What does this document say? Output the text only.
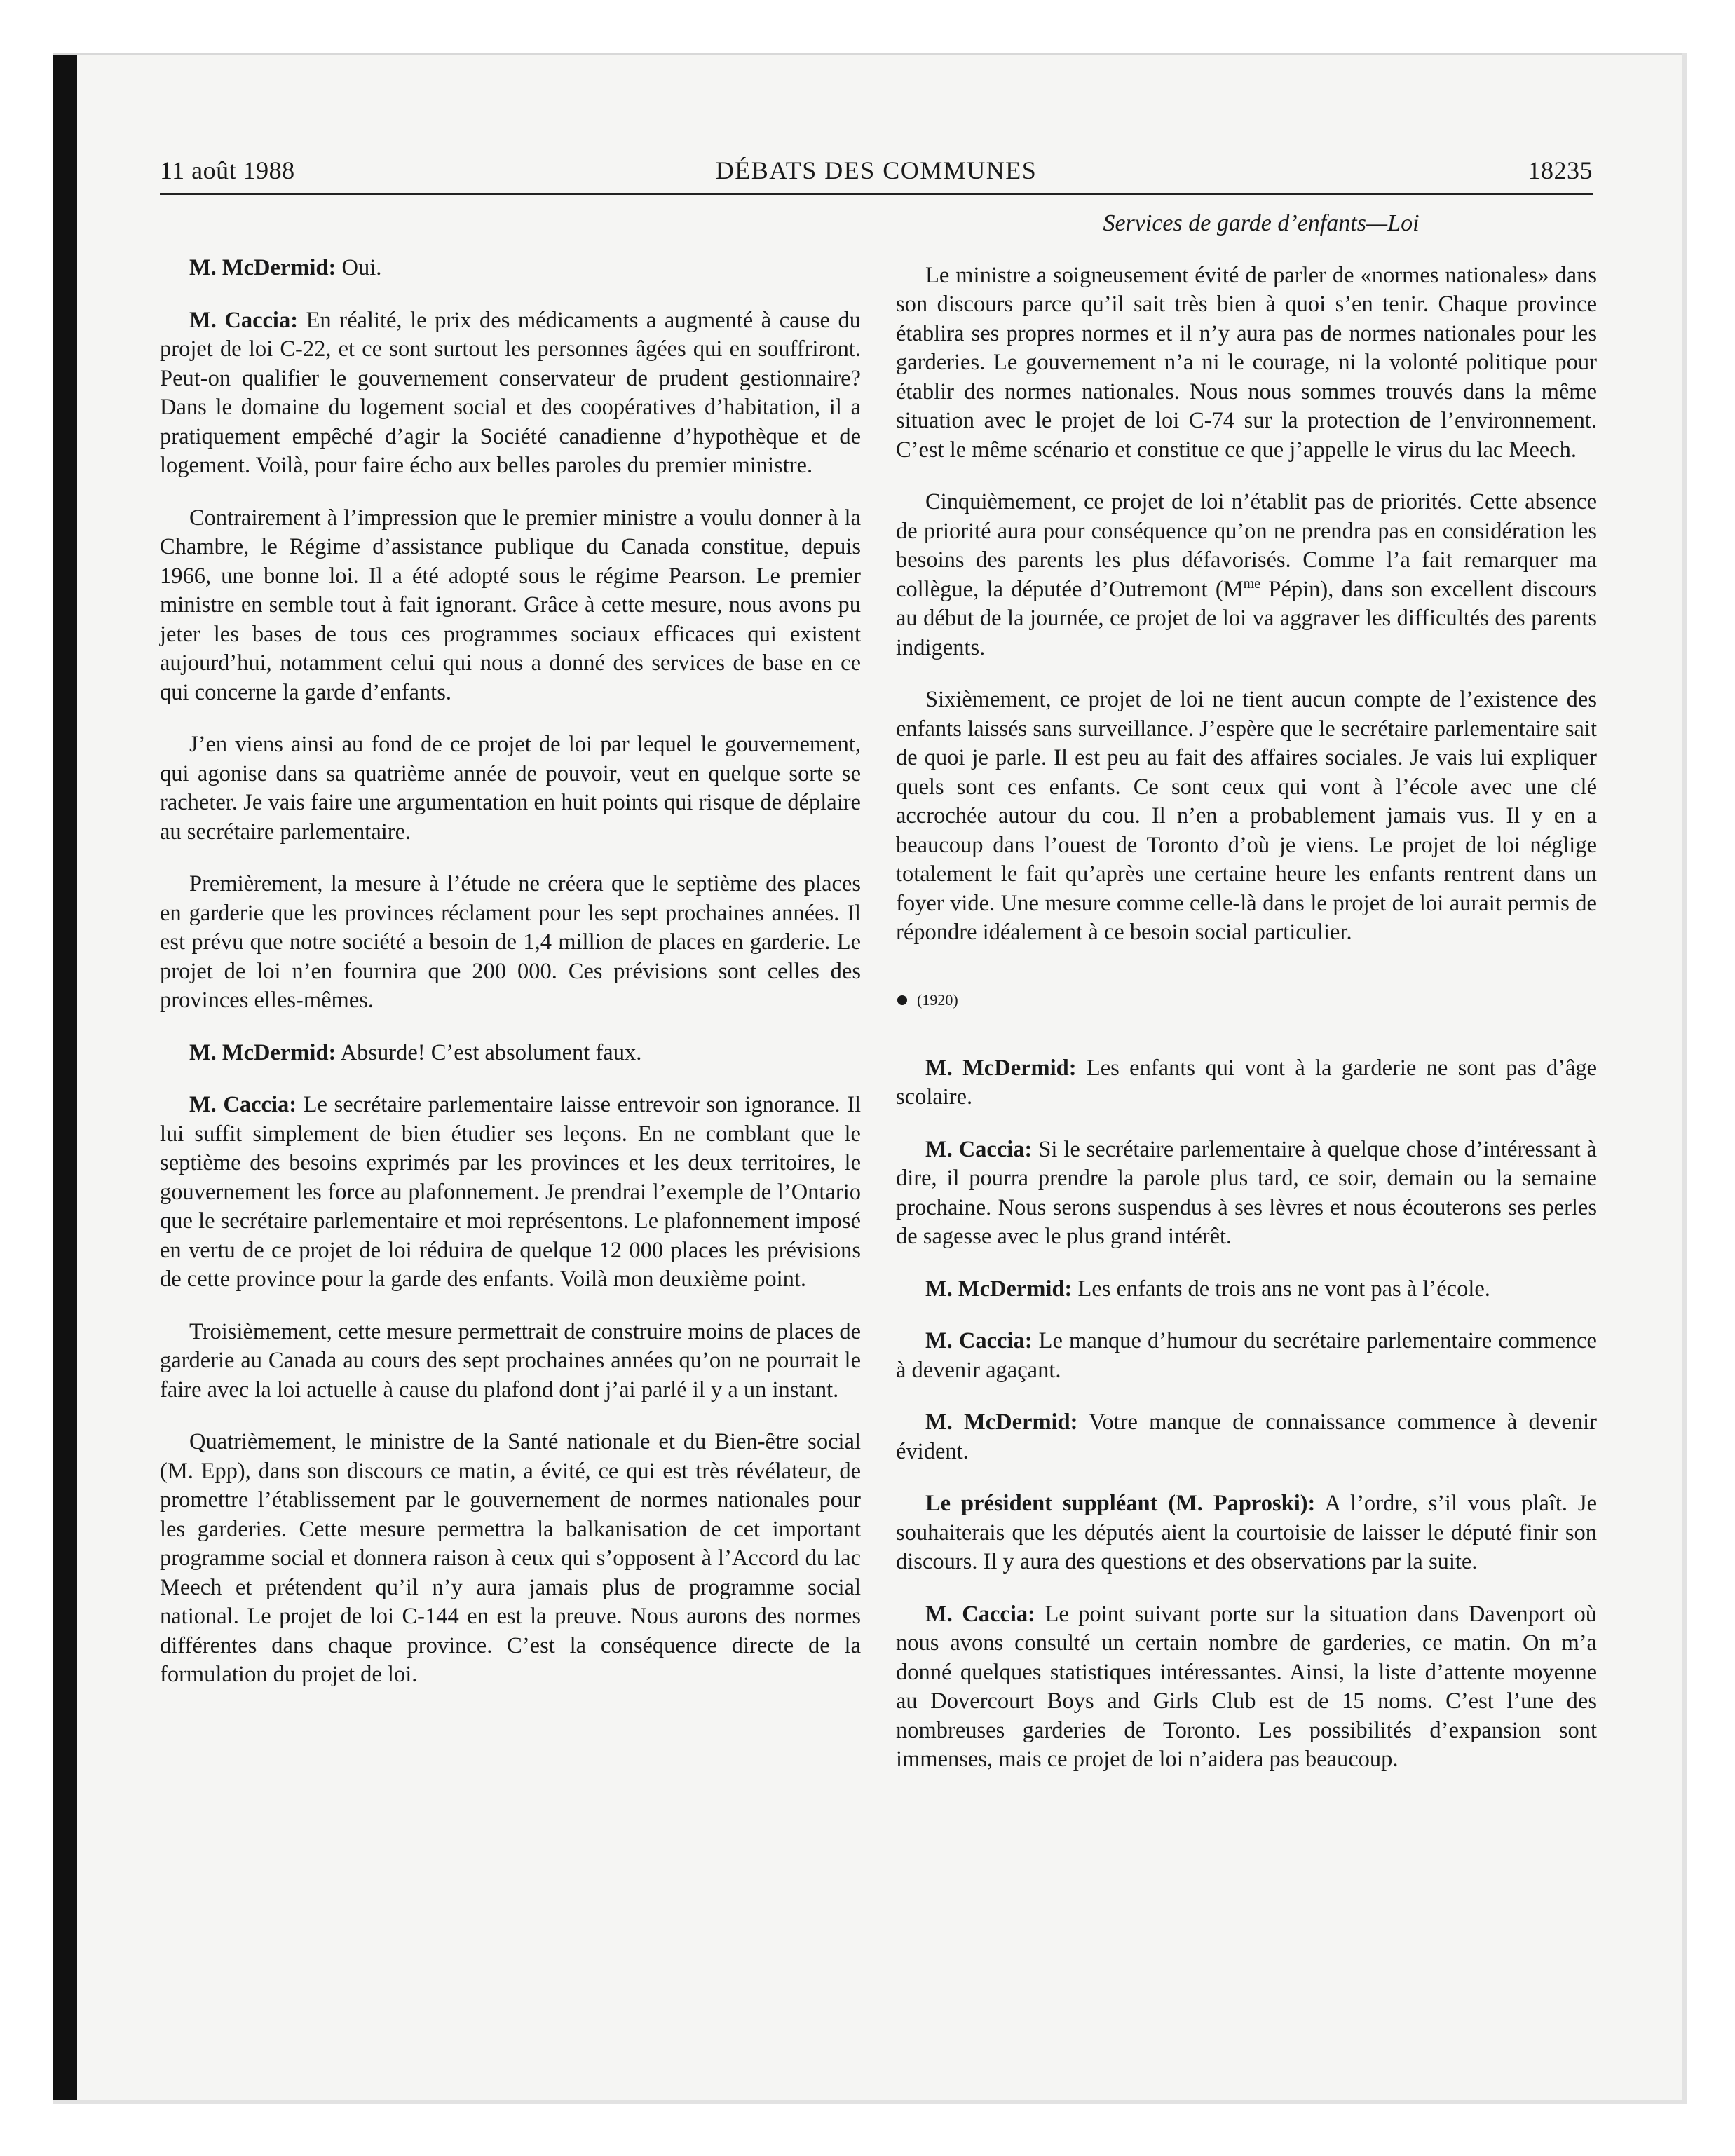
11 août 1988	DÉBATS DES COMMUNES	18235

M. McDermid: Oui.

M. Caccia: En réalité, le prix des médicaments a augmenté à cause du projet de loi C-22, et ce sont surtout les personnes âgées qui en souffriront. Peut-on qualifier le gouvernement conservateur de prudent gestionnaire? Dans le domaine du logement social et des coopératives d’habitation, il a pratiquement empêché d’agir la Société canadienne d’hypothèque et de logement. Voilà, pour faire écho aux belles paroles du premier ministre.

Contrairement à l’impression que le premier ministre a voulu donner à la Chambre, le Régime d’assistance publique du Canada constitue, depuis 1966, une bonne loi. Il a été adopté sous le régime Pearson. Le premier ministre en semble tout à fait ignorant. Grâce à cette mesure, nous avons pu jeter les bases de tous ces programmes sociaux efficaces qui existent aujourd’hui, notamment celui qui nous a donné des services de base en ce qui concerne la garde d’enfants.

J’en viens ainsi au fond de ce projet de loi par lequel le gouvernement, qui agonise dans sa quatrième année de pouvoir, veut en quelque sorte se racheter. Je vais faire une argumentation en huit points qui risque de déplaire au secrétaire parlementaire.

Premièrement, la mesure à l’étude ne créera que le septième des places en garderie que les provinces réclament pour les sept prochaines années. Il est prévu que notre société a besoin de 1,4 million de places en garderie. Le projet de loi n’en fournira que 200 000. Ces prévisions sont celles des provinces elles-mêmes.

M. McDermid: Absurde! C’est absolument faux.

M. Caccia: Le secrétaire parlementaire laisse entrevoir son ignorance. Il lui suffit simplement de bien étudier ses leçons. En ne comblant que le septième des besoins exprimés par les provinces et les deux territoires, le gouvernement les force au plafonnement. Je prendrai l’exemple de l’Ontario que le secrétaire parlementaire et moi représentons. Le plafonnement imposé en vertu de ce projet de loi réduira de quelque 12 000 places les prévisions de cette province pour la garde des enfants. Voilà mon deuxième point.

Troisièmement, cette mesure permettrait de construire moins de places de garderie au Canada au cours des sept prochaines années qu’on ne pourrait le faire avec la loi actuelle à cause du plafond dont j’ai parlé il y a un instant.

Quatrièmement, le ministre de la Santé nationale et du Bien-être social (M. Epp), dans son discours ce matin, a évité, ce qui est très révélateur, de promettre l’établissement par le gouvernement de normes nationales pour les garderies. Cette mesure permettra la balkanisation de cet important programme social et donnera raison à ceux qui s’opposent à l’Accord du lac Meech et prétendent qu’il n’y aura jamais plus de programme social national. Le projet de loi C-144 en est la preuve. Nous aurons des normes différentes dans chaque province. C’est la conséquence directe de la formulation du projet de loi.

Services de garde d’enfants—Loi

Le ministre a soigneusement évité de parler de «normes nationales» dans son discours parce qu’il sait très bien à quoi s’en tenir. Chaque province établira ses propres normes et il n’y aura pas de normes nationales pour les garderies. Le gouvernement n’a ni le courage, ni la volonté politique pour établir des normes nationales. Nous nous sommes trouvés dans la même situation avec le projet de loi C-74 sur la protection de l’environnement. C’est le même scénario et constitue ce que j’appelle le virus du lac Meech.

Cinquièmement, ce projet de loi n’établit pas de priorités. Cette absence de priorité aura pour conséquence qu’on ne prendra pas en considération les besoins des parents les plus défavorisés. Comme l’a fait remarquer ma collègue, la députée d’Outremont ($M^{me}$ Pépin), dans son excellent discours au début de la journée, ce projet de loi va aggraver les difficultés des parents indigents.

Sixièmement, ce projet de loi ne tient aucun compte de l’existence des enfants laissés sans surveillance. J’espère que le secrétaire parlementaire sait de quoi je parle. Il est peu au fait des affaires sociales. Je vais lui expliquer quels sont ces enfants. Ce sont ceux qui vont à l’école avec une clé accrochée autour du cou. Il n’en a probablement jamais vus. Il y en a beaucoup dans l’ouest de Toronto d’où je viens. Le projet de loi néglige totalement le fait qu’après une certaine heure les enfants rentrent dans un foyer vide. Une mesure comme celle-là dans le projet de loi aurait permis de répondre idéalement à ce besoin social particulier.

(1920)

M. McDermid: Les enfants qui vont à la garderie ne sont pas d’âge scolaire.

M. Caccia: Si le secrétaire parlementaire à quelque chose d’intéressant à dire, il pourra prendre la parole plus tard, ce soir, demain ou la semaine prochaine. Nous serons suspendus à ses lèvres et nous écouterons ses perles de sagesse avec le plus grand intérêt.

M. McDermid: Les enfants de trois ans ne vont pas à l’école.

M. Caccia: Le manque d’humour du secrétaire parlementaire commence à devenir agaçant.

M. McDermid: Votre manque de connaissance commence à devenir évident.

Le président suppléant (M. Paproski): A l’ordre, s’il vous plaît. Je souhaiterais que les députés aient la courtoisie de laisser le député finir son discours. Il y aura des questions et des observations par la suite.

M. Caccia: Le point suivant porte sur la situation dans Davenport où nous avons consulté un certain nombre de garderies, ce matin. On m’a donné quelques statistiques intéressantes. Ainsi, la liste d’attente moyenne au Dovercourt Boys and Girls Club est de 15 noms. C’est l’une des nombreuses garderies de Toronto. Les possibilités d’expansion sont immenses, mais ce projet de loi n’aidera pas beaucoup.
